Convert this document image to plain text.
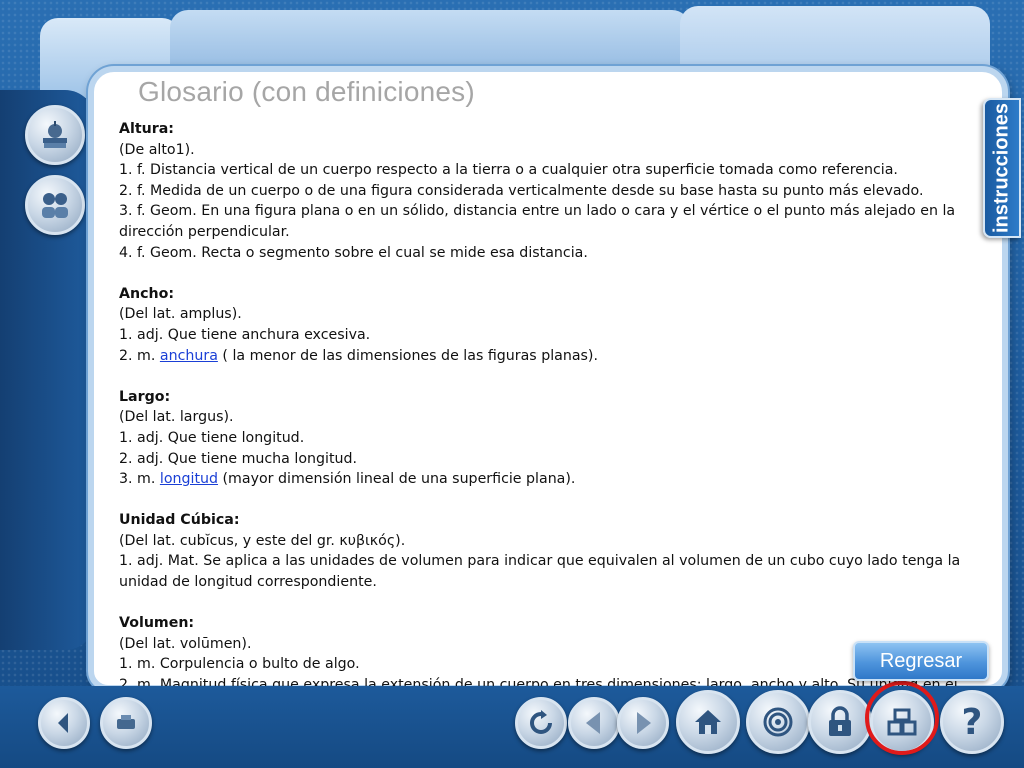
Glosario (con definiciones)

Altura:

(De alto1).

1. f. Distancia vertical de un cuerpo respecto a la tierra o a cualquier otra superficie tomada como referencia.

2. f. Medida de un cuerpo o de una figura considerada verticalmente desde su base hasta su punto más elevado.

3. f. Geom. En una figura plana o en un sólido, distancia entre un lado o cara y el vértice o el punto más alejado en la dirección perpendicular.

4. f. Geom. Recta o segmento sobre el cual se mide esa distancia.

Ancho:

(Del lat. amplus).

1. adj. Que tiene anchura excesiva.

2. m. anchura ( la menor de las dimensiones de las figuras planas).

Largo:

(Del lat. largus).

1. adj. Que tiene longitud.

2. adj. Que tiene mucha longitud.

3. m. longitud (mayor dimensión lineal de una superficie plana).

Unidad Cúbica:

(Del lat. cubĭcus, y este del gr. κυβικός).

1. adj. Mat. Se aplica a las unidades de volumen para indicar que equivalen al volumen de un cubo cuyo lado tenga la unidad de longitud correspondiente.

Volumen:

(Del lat. volūmen).

1. m. Corpulencia o bulto de algo.

instrucciones
?
Regresar
